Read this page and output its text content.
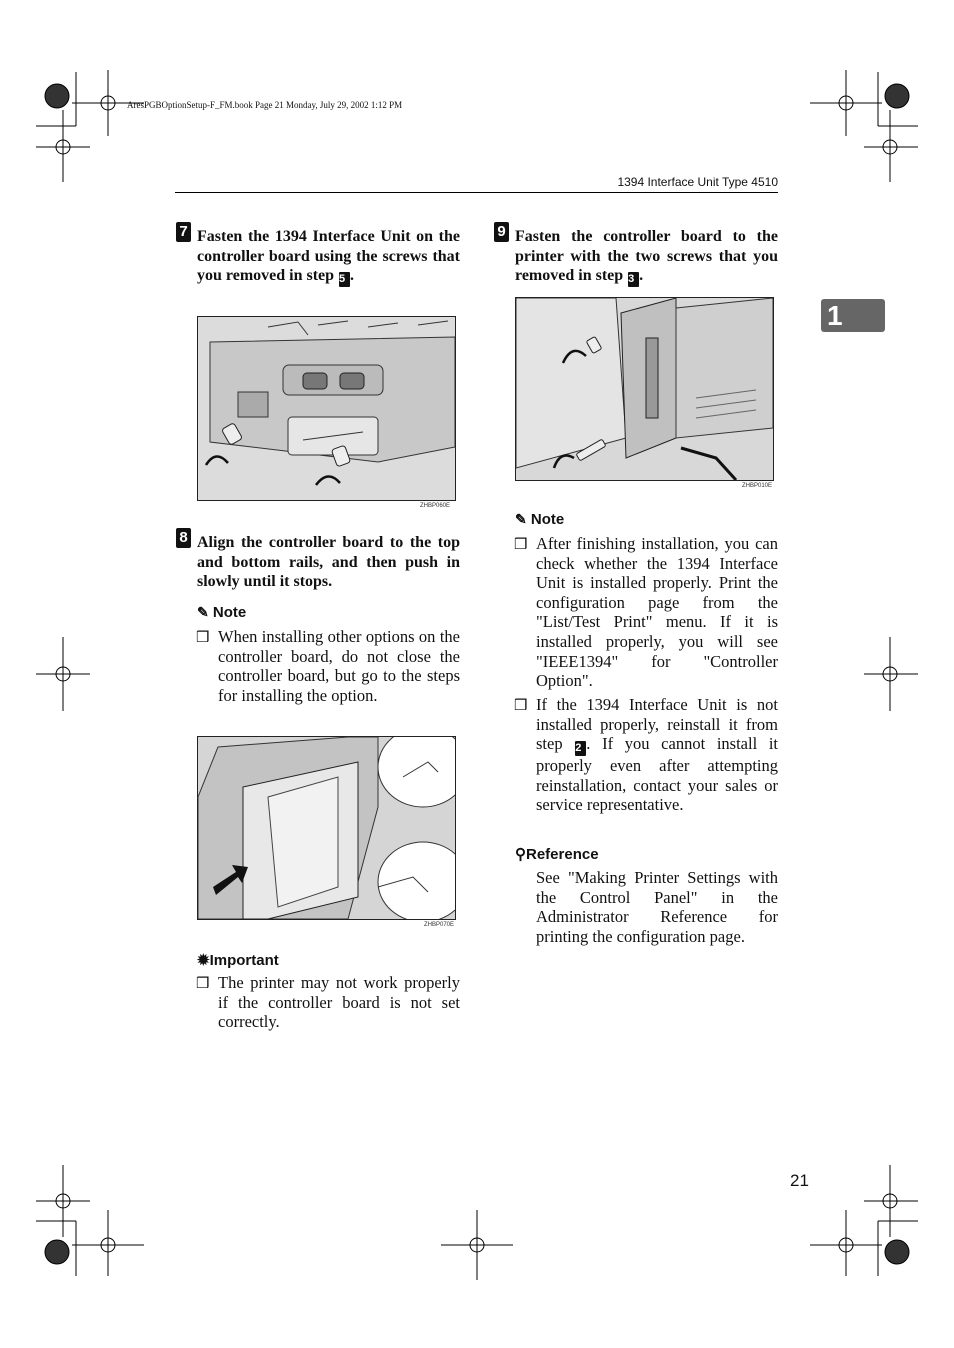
AresPGBOptionSetup-F_FM.book Page 21 Monday, July 29, 2002 1:12 PM
1394 Interface Unit Type 4510
1
7 Fasten the 1394 Interface Unit on the controller board using the screws that you removed in step 5 .
ZHBP060E
8 Align the controller board to the top and bottom rails, and then push in slowly until it stops.
✎ Note
❒ When installing other options on the controller board, do not close the controller board, but go to the steps for installing the option.
ZHBP070E
✹Important
❒ The printer may not work properly if the controller board is not set correctly.
9 Fasten the controller board to the printer with the two screws that you removed in step 3 .
ZHBP010E
✎ Note
❒ After finishing installation, you can check whether the 1394 Interface Unit is installed properly. Print the configuration page from the "List/Test Print" menu. If it is installed properly, you will see "IEEE1394" for "Controller Option".
❒ If the 1394 Interface Unit is not installed properly, reinstall it from step 2 . If you cannot install it properly even after attempting reinstallation, contact your sales or service representative.
⚲Reference
See "Making Printer Settings with the Control Panel" in the Administrator Reference for printing the configuration page.
21
